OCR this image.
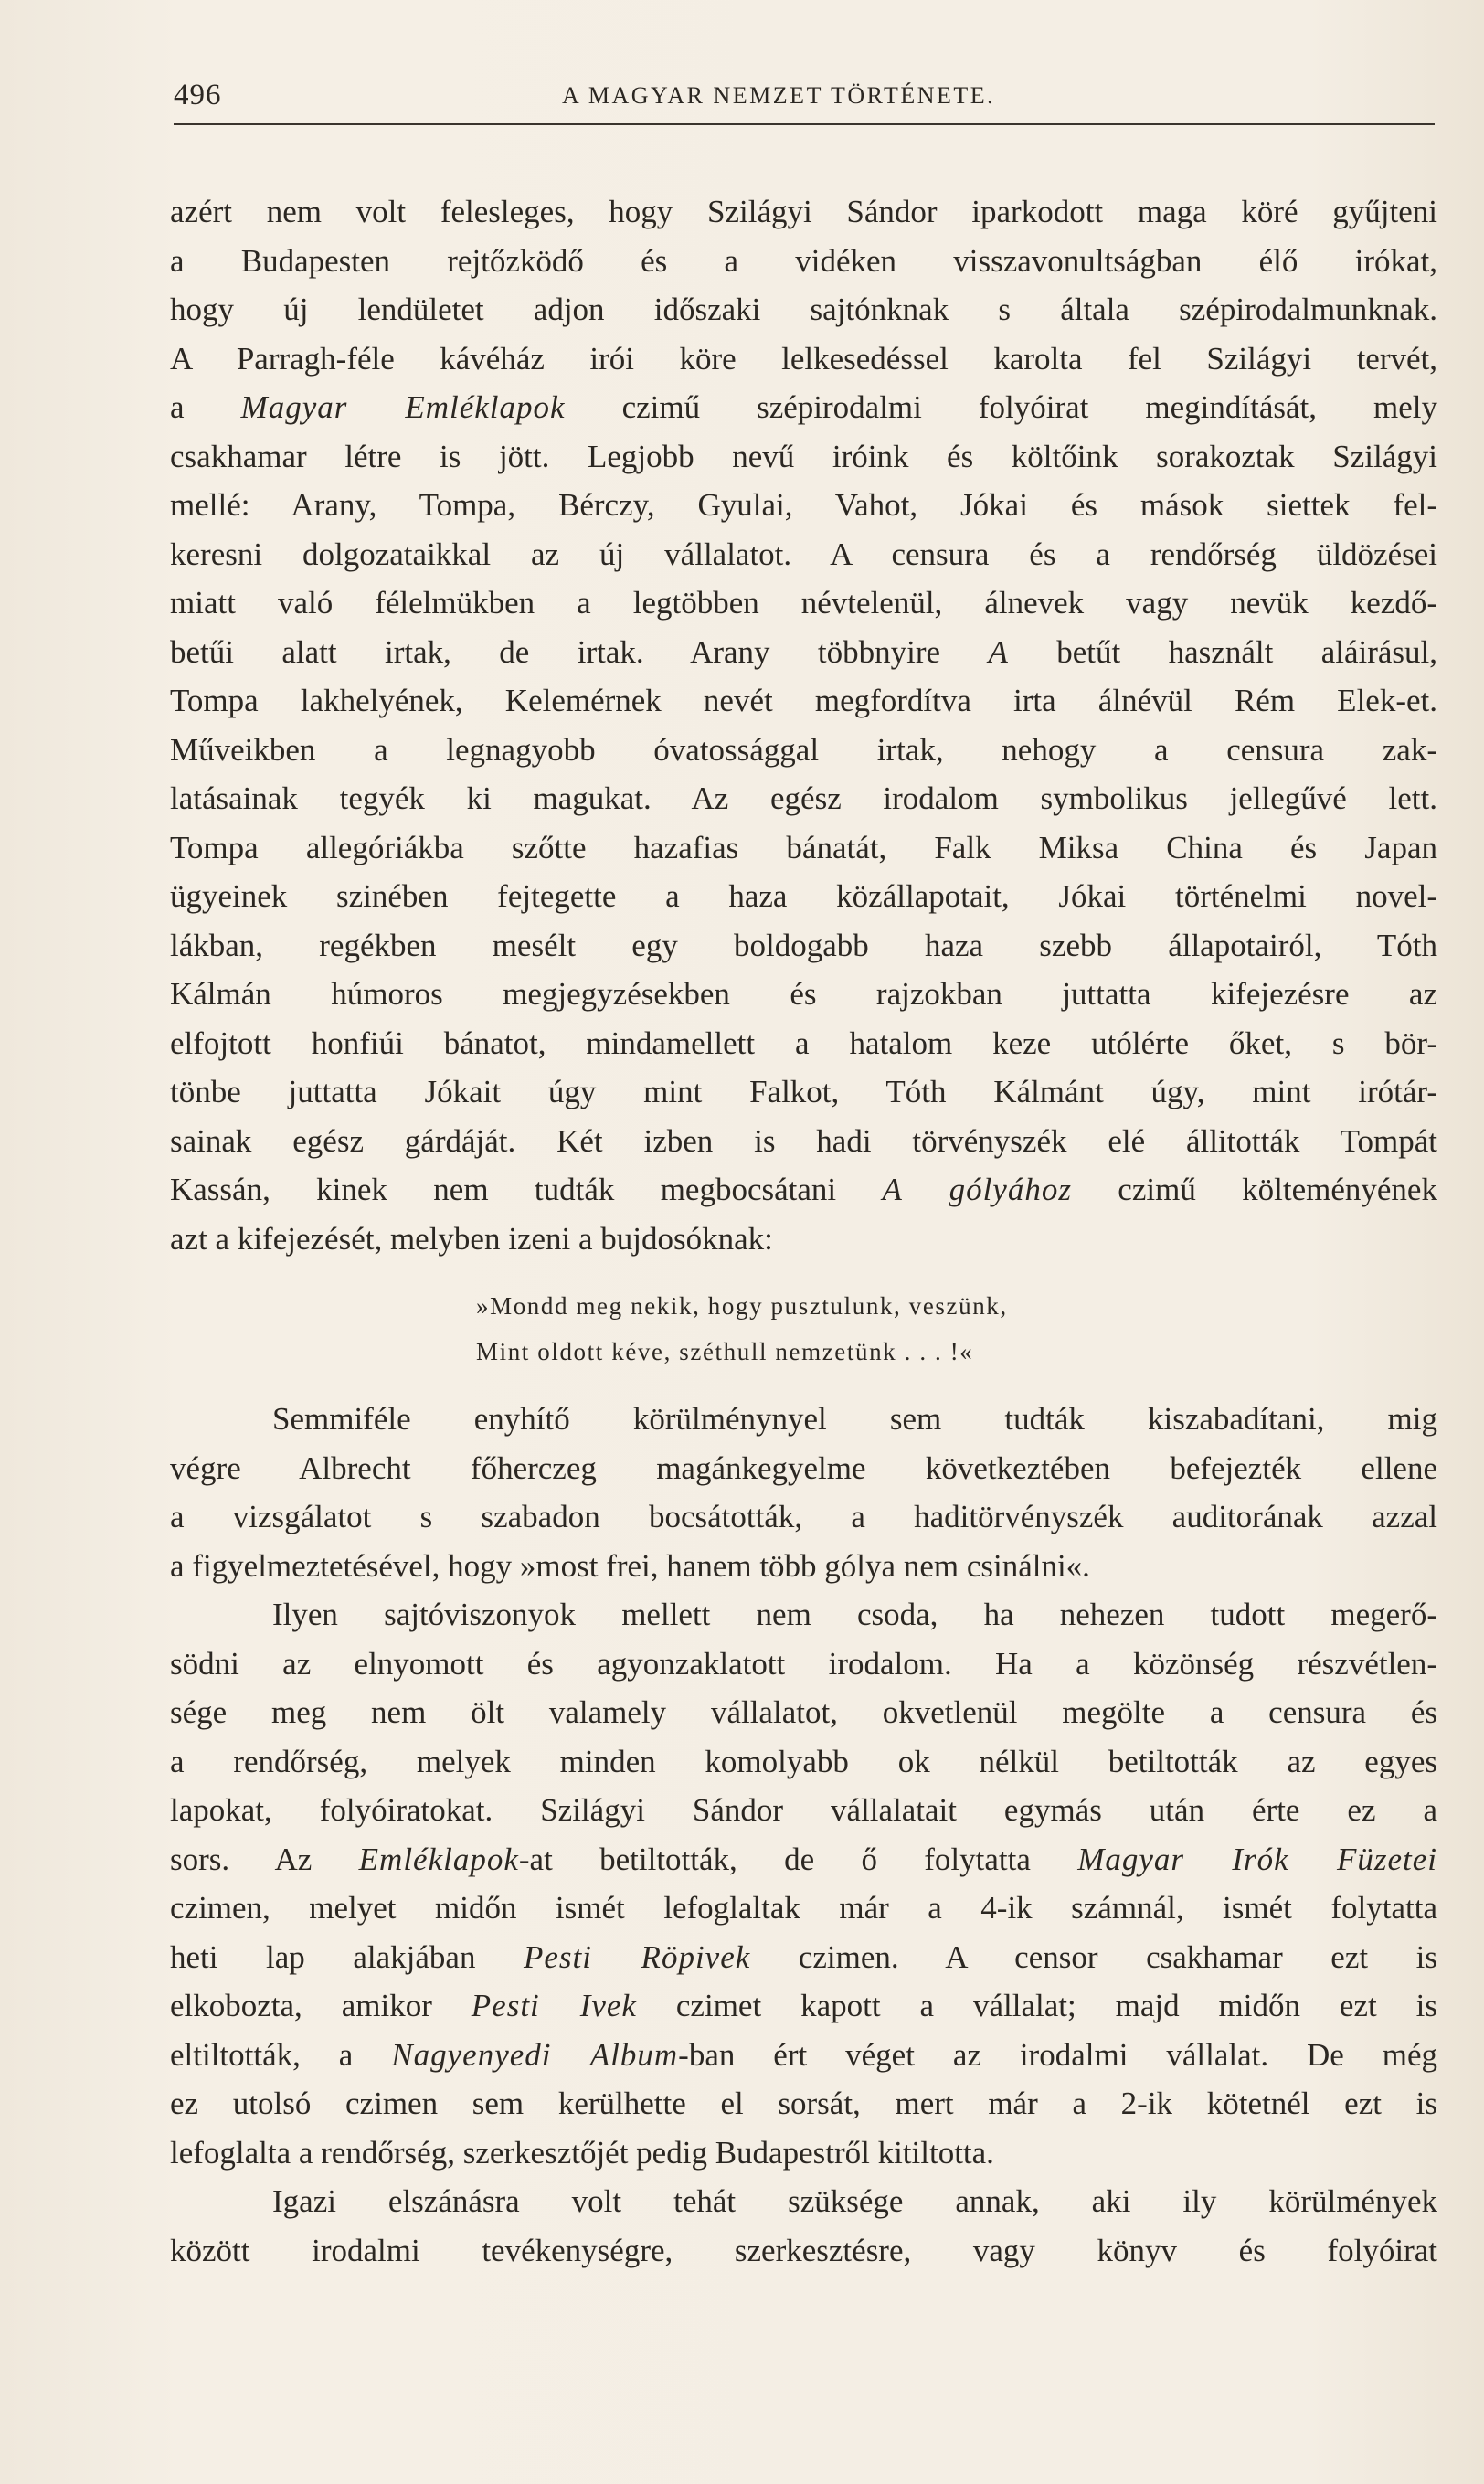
496	A MAGYAR NEMZET TÖRTÉNETE.
azért nem volt felesleges, hogy Szilágyi Sándor iparkodott maga köré gyűjteni
a Budapesten rejtőzködő és a vidéken visszavonultságban élő irókat,
hogy új lendületet adjon időszaki sajtónknak s általa szépirodalmunknak.
A Parragh-féle kávéház irói köre lelkesedéssel karolta fel Szilágyi tervét,
a Magyar Emléklapok czimű szépirodalmi folyóirat megindítását, mely
csakhamar létre is jött. Legjobb nevű iróink és költőink sorakoztak Szilágyi
mellé: Arany, Tompa, Bérczy, Gyulai, Vahot, Jókai és mások siettek fel-
keresni dolgozataikkal az új vállalatot. A censura és a rendőrség üldözései
miatt való félelmükben a legtöbben névtelenül, álnevek vagy nevük kezdő-
betűi alatt irtak, de irtak. Arany többnyire A betűt használt aláirásul,
Tompa lakhelyének, Kelemérnek nevét megfordítva irta álnévül Rém Elek-et.
Műveikben a legnagyobb óvatossággal irtak, nehogy a censura zak-
latásainak tegyék ki magukat. Az egész irodalom symbolikus jellegűvé lett.
Tompa allegóriákba szőtte hazafias bánatát, Falk Miksa China és Japan
ügyeinek szinében fejtegette a haza közállapotait, Jókai történelmi novel-
lákban, regékben mesélt egy boldogabb haza szebb állapotairól, Tóth
Kálmán húmoros megjegyzésekben és rajzokban juttatta kifejezésre az
elfojtott honfiúi bánatot, mindamellett a hatalom keze utólérte őket, s bör-
tönbe juttatta Jókait úgy mint Falkot, Tóth Kálmánt úgy, mint irótár-
sainak egész gárdáját. Két izben is hadi törvényszék elé állitották Tompát
Kassán, kinek nem tudták megbocsátani A gólyához czimű költeményének
azt a kifejezését, melyben izeni a bujdosóknak:
»Mondd meg nekik, hogy pusztulunk, veszünk,
Mint oldott kéve, széthull nemzetünk . . . !«
Semmiféle enyhítő körülménynyel sem tudták kiszabadítani, mig
végre Albrecht főherczeg magánkegyelme következtében befejezték ellene
a vizsgálatot s szabadon bocsátották, a haditörvényszék auditorának azzal
a figyelmeztetésével, hogy »most frei, hanem több gólya nem csinálni«.
Ilyen sajtóviszonyok mellett nem csoda, ha nehezen tudott megerő-
södni az elnyomott és agyonzaklatott irodalom. Ha a közönség részvétlen-
sége meg nem ölt valamely vállalatot, okvetlenül megölte a censura és
a rendőrség, melyek minden komolyabb ok nélkül betiltották az egyes
lapokat, folyóiratokat. Szilágyi Sándor vállalatait egymás után érte ez a
sors. Az Emléklapok-at betiltották, de ő folytatta Magyar Irók Füzetei
czimen, melyet midőn ismét lefoglaltak már a 4-ik számnál, ismét folytatta
heti lap alakjában Pesti Röpivek czimen. A censor csakhamar ezt is
elkobozta, amikor Pesti Ivek czimet kapott a vállalat; majd midőn ezt is
eltiltották, a Nagyenyedi Album-ban ért véget az irodalmi vállalat. De még
ez utolsó czimen sem kerülhette el sorsát, mert már a 2-ik kötetnél ezt is
lefoglalta a rendőrség, szerkesztőjét pedig Budapestről kitiltotta.
Igazi elszánásra volt tehát szüksége annak, aki ily körülmények
között irodalmi tevékenységre, szerkesztésre, vagy könyv és folyóirat
